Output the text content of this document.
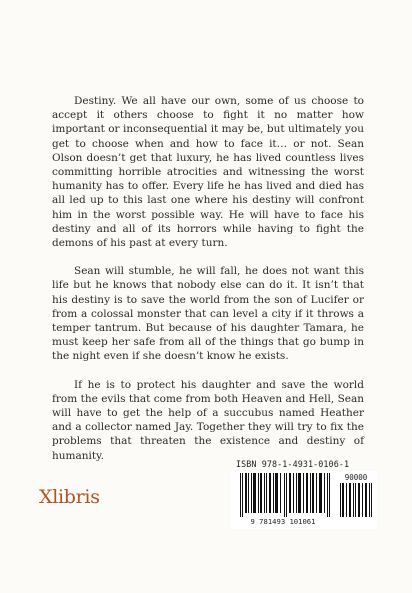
Destiny. We all have our own, some of us choose to accept it others choose to fight it no matter how important or inconsequential it may be, but ultimately you get to choose when and how to face it… or not. Sean Olson doesn’t get that luxury, he has lived countless lives committing horrible atrocities and witnessing the worst humanity has to offer. Every life he has lived and died has all led up to this last one where his destiny will confront him in the worst possible way. He will have to face his destiny and all of its horrors while having to fight the demons of his past at every turn.

Sean will stumble, he will fall, he does not want this life but he knows that nobody else can do it. It isn’t that his destiny is to save the world from the son of Lucifer or from a colossal monster that can level a city if it throws a temper tantrum. But because of his daughter Tamara, he must keep her safe from all of the things that go bump in the night even if she doesn’t know he exists.

If he is to protect his daughter and save the world from the evils that come from both Heaven and Hell, Sean will have to get the help of a succubus named Heather and a collector named Jay. Together they will try to fix the problems that threaten the existence and destiny of humanity.

ISBN 978-1-4931-0106-1
90000
9 781493 101061
Xlibris
